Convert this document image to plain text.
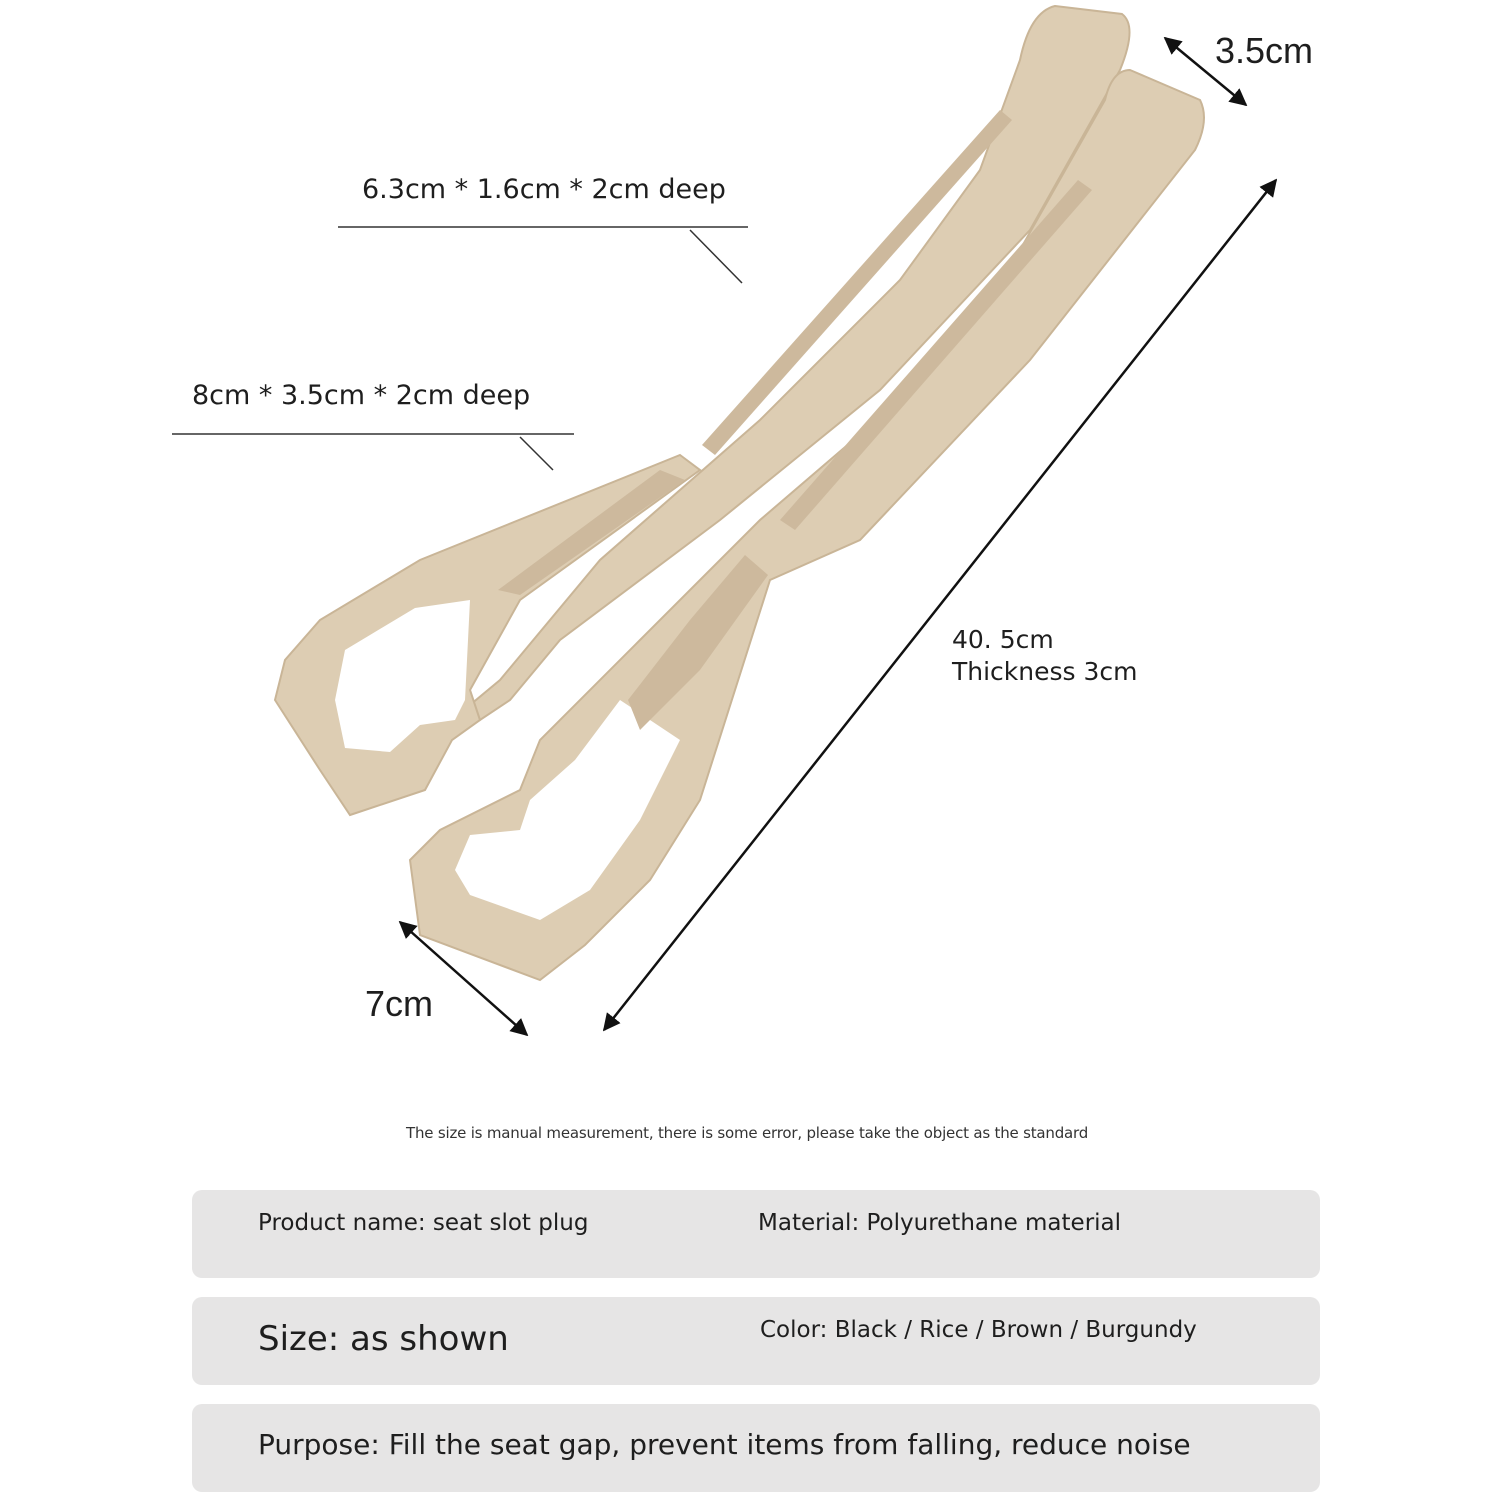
3.5cm
6.3cm * 1.6cm * 2cm deep
8cm * 3.5cm * 2cm deep
40. 5cm
Thickness 3cm
7cm
The size is manual measurement, there is some error, please take the object as the standard
Product name: seat slot plug	Material: Polyurethane material
Size: as shown	Color: Black / Rice / Brown / Burgundy
Purpose: Fill the seat gap, prevent items from falling, reduce noise
